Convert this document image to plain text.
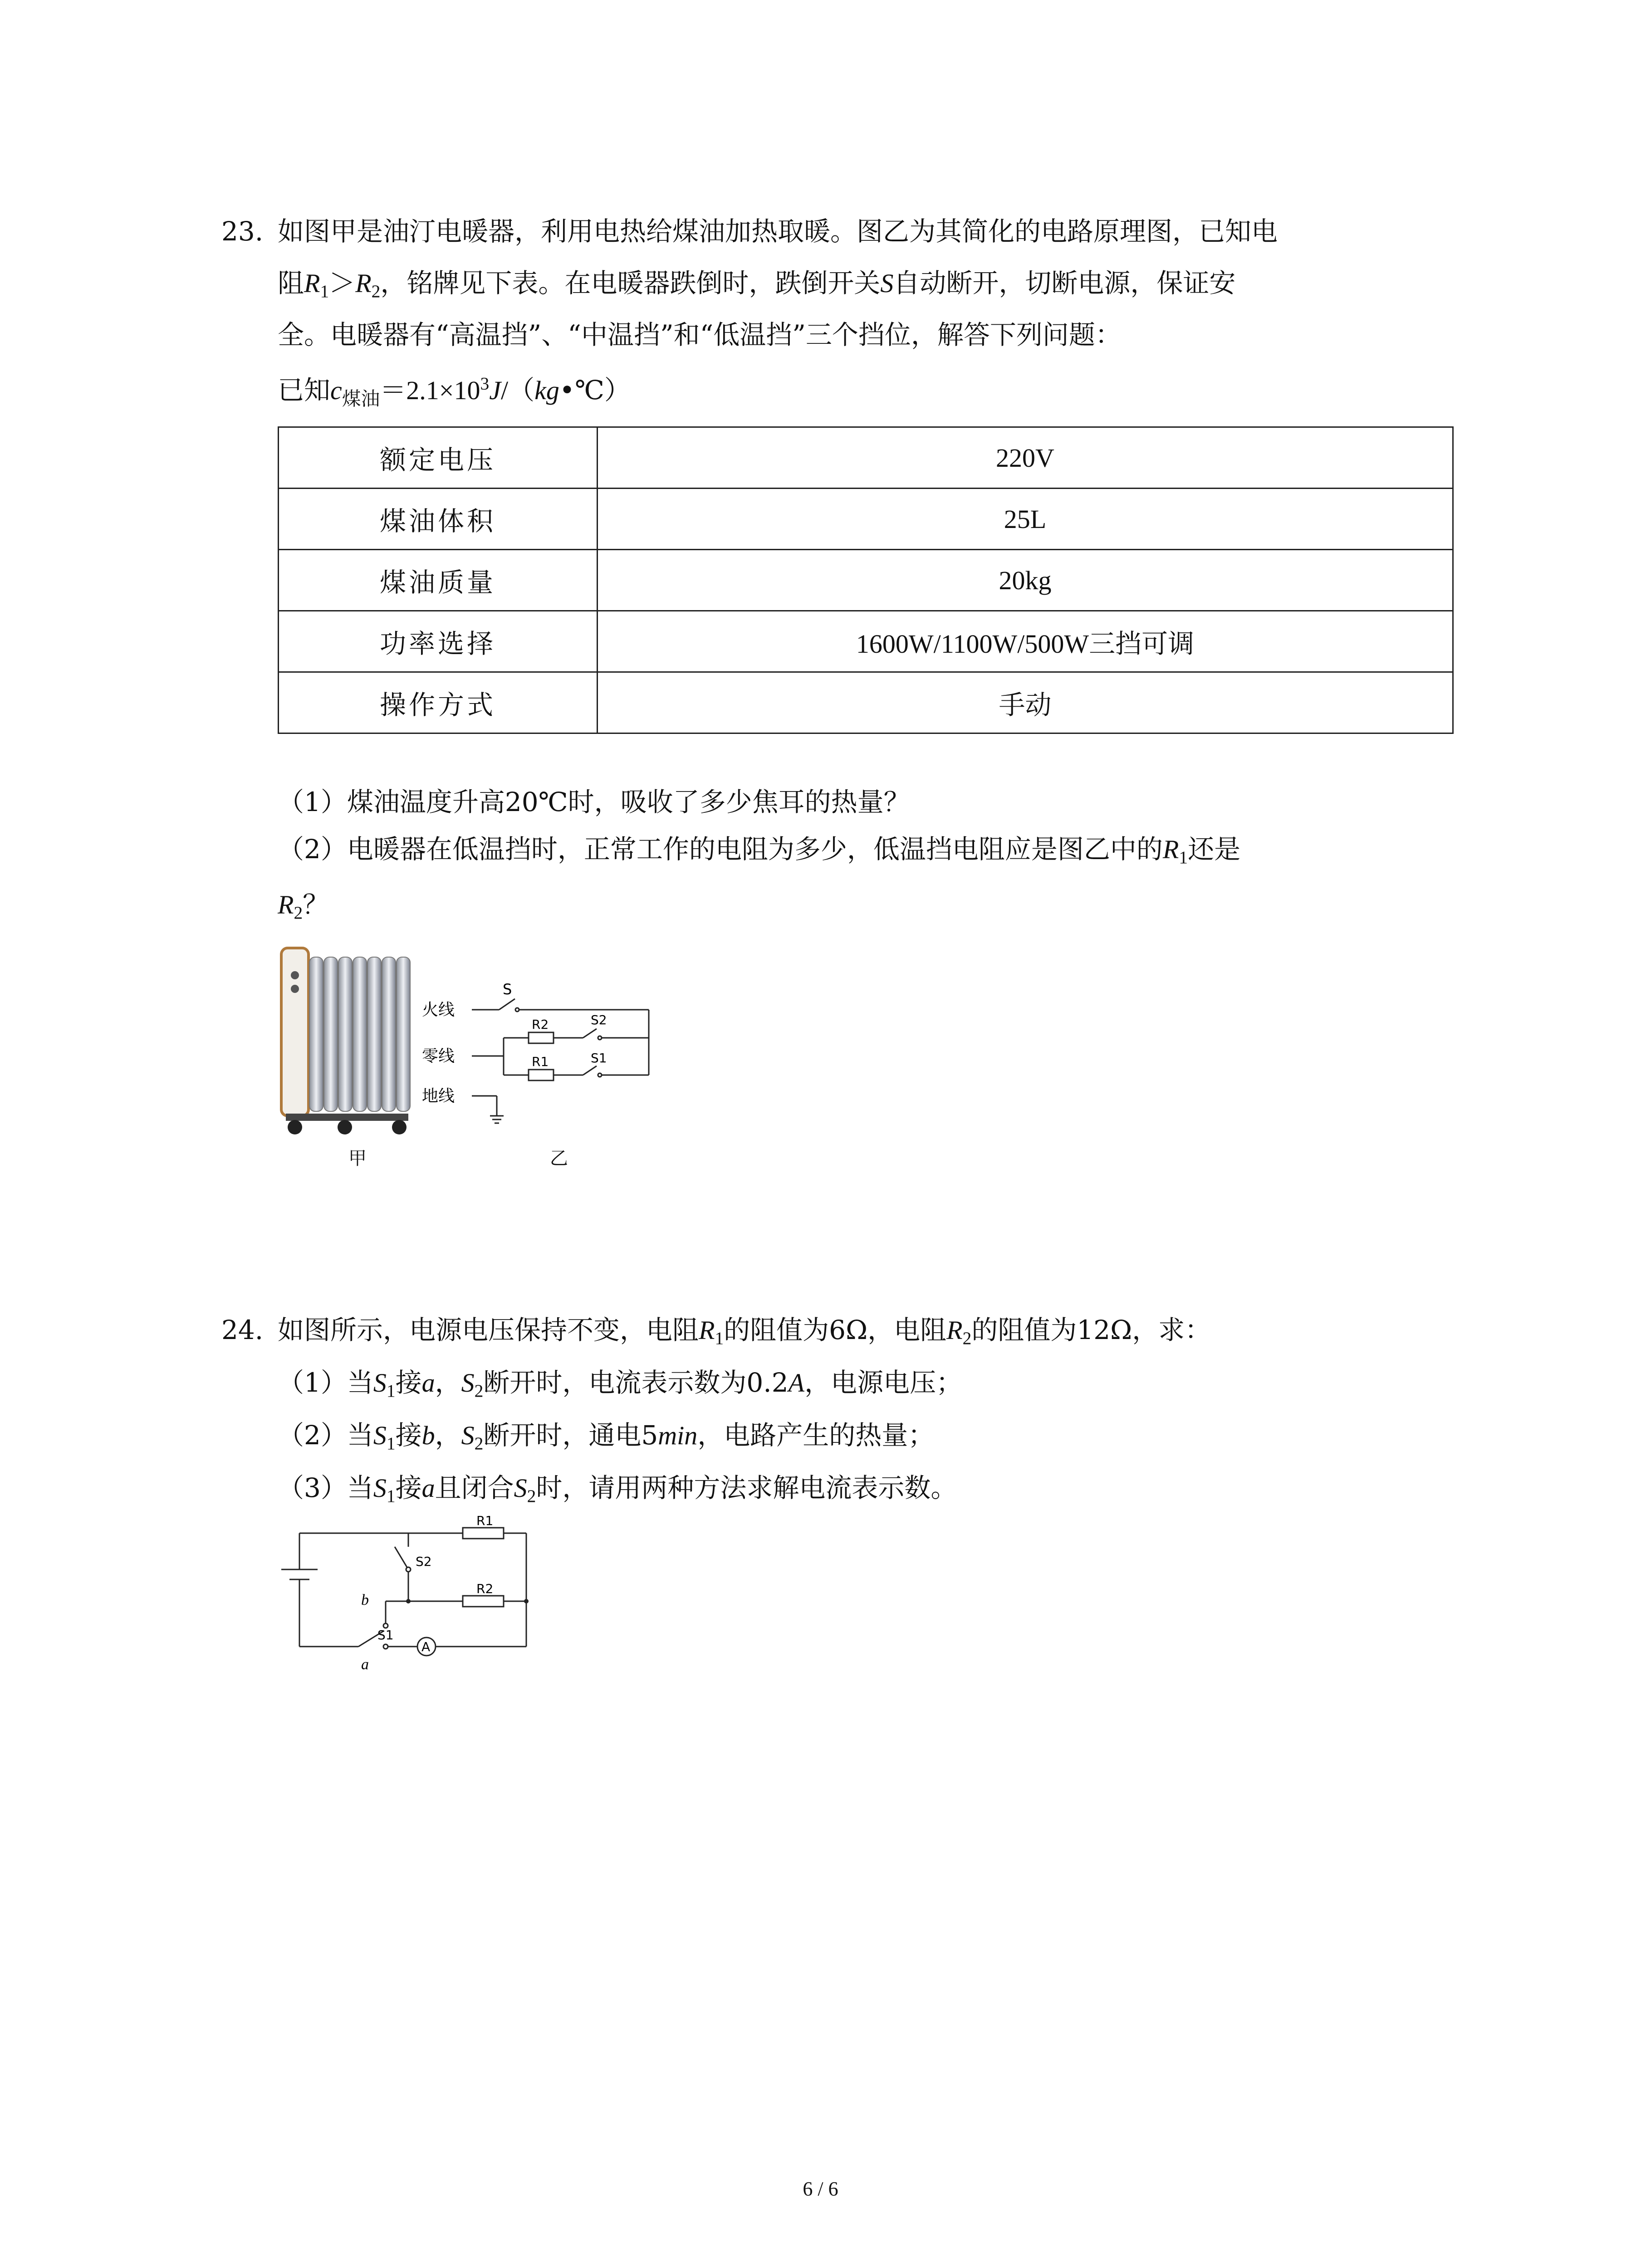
23. 如图甲是油汀电暖器，利用电热给煤油加热取暖。图乙为其简化的电路原理图，已知电
阻$R_1>R_2$，铭牌见下表。在电暖器跌倒时，跌倒开关S自动断开，切断电源，保证安
全。电暖器有“高温挡”、“中温挡”和“低温挡”三个挡位，解答下列问题：
已知$c_{煤油}=2.1\times 10^3J/(kg•℃)$
额定电压	220V
煤油体积	25L
煤油质量	20kg
功率选择	1600W/1100W/500W三挡可调
操作方式	手动
（1）煤油温度升高20℃时，吸收了多少焦耳的热量？
（2）电暖器在低温挡时，正常工作的电阻为多少，低温挡电阻应是图乙中的$R_1$还是
$R_2$？
甲
火线
零线
地线
S
R2	S2
R1	S1
乙
24. 如图所示，电源电压保持不变，电阻$R_1$的阻值为6Ω，电阻$R_2$的阻值为12Ω，求：
（1）当$S_1$接a，$S_2$断开时，电流表示数为0.2A，电源电压；
（2）当$S_1$接b，$S_2$断开时，通电5min，电路产生的热量；
（3）当$S_1$接a且闭合$S_2$时，请用两种方法求解电流表示数。
R1
R2
S2
S1
b
a
A
6 / 6
